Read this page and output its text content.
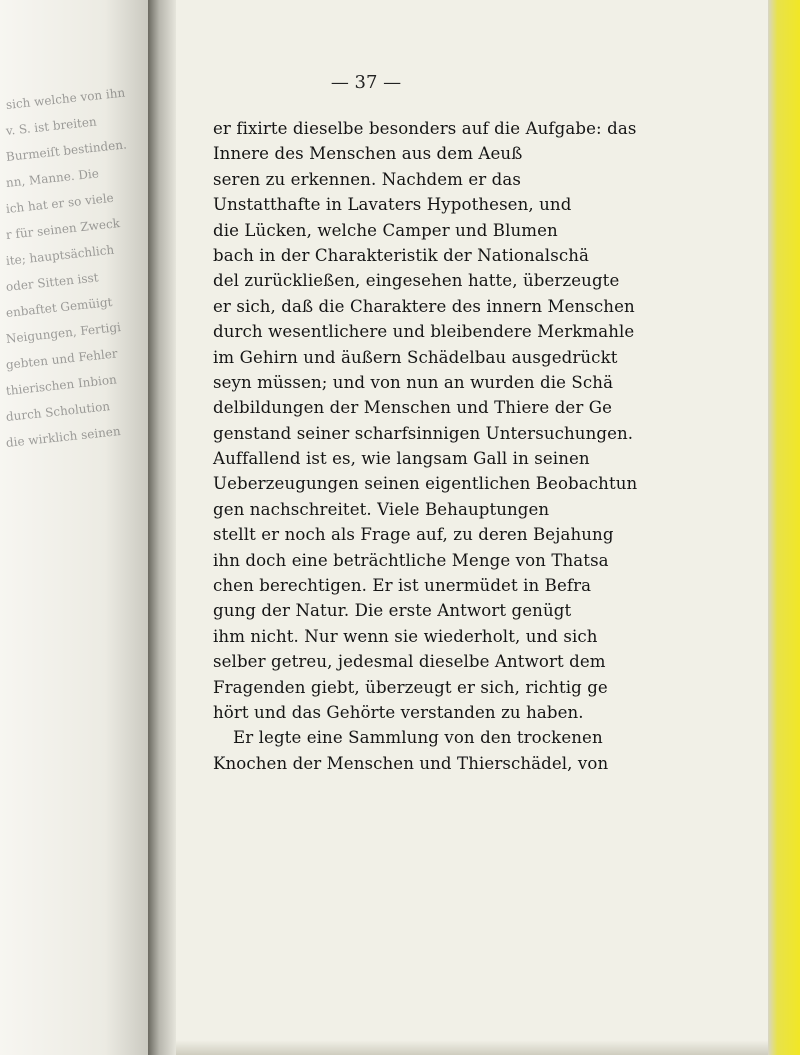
sich welche von ihn
v. S. ist breiten
Burmeiſt bestinden.
nn, Manne. Die
ich hat er so viele
r für seinen Zweck
ite; hauptsächlich
oder Sitten isst
enbaftet Gemüigt
Neigungen, Fertigi
gebten und Fehler
thierischen Inbion
durch Scholution
die wirklich seinen
— 37 —
er fixirte dieselbe besonders auf die Aufgabe: das
Innere des Menschen aus dem Aeuß
seren zu erkennen. Nachdem er das
Unstatthafte in Lavaters Hypothesen, und
die Lücken, welche Camper und Blumen
bach in der Charakteristik der Nationalschä
del zurückließen, eingesehen hatte, überzeugte
er sich, daß die Charaktere des innern Menschen
durch wesentlichere und bleibendere Merkmahle
im Gehirn und äußern Schädelbau ausgedrückt
seyn müssen; und von nun an wurden die Schä
delbildungen der Menschen und Thiere der Ge
genstand seiner scharfsinnigen Untersuchungen.
Auffallend ist es, wie langsam Gall in seinen
Ueberzeugungen seinen eigentlichen Beobachtun
gen nachschreitet. Viele Behauptungen
stellt er noch als Frage auf, zu deren Bejahung
ihn doch eine beträchtliche Menge von Thatsa
chen berechtigen. Er ist unermüdet in Befra
gung der Natur. Die erste Antwort genügt
ihm nicht. Nur wenn sie wiederholt, und sich
selber getreu, jedesmal dieselbe Antwort dem
Fragenden giebt, überzeugt er sich, richtig ge
hört und das Gehörte verstanden zu haben.
Er legte eine Sammlung von den trockenen
Knochen der Menschen und Thierschädel, von
